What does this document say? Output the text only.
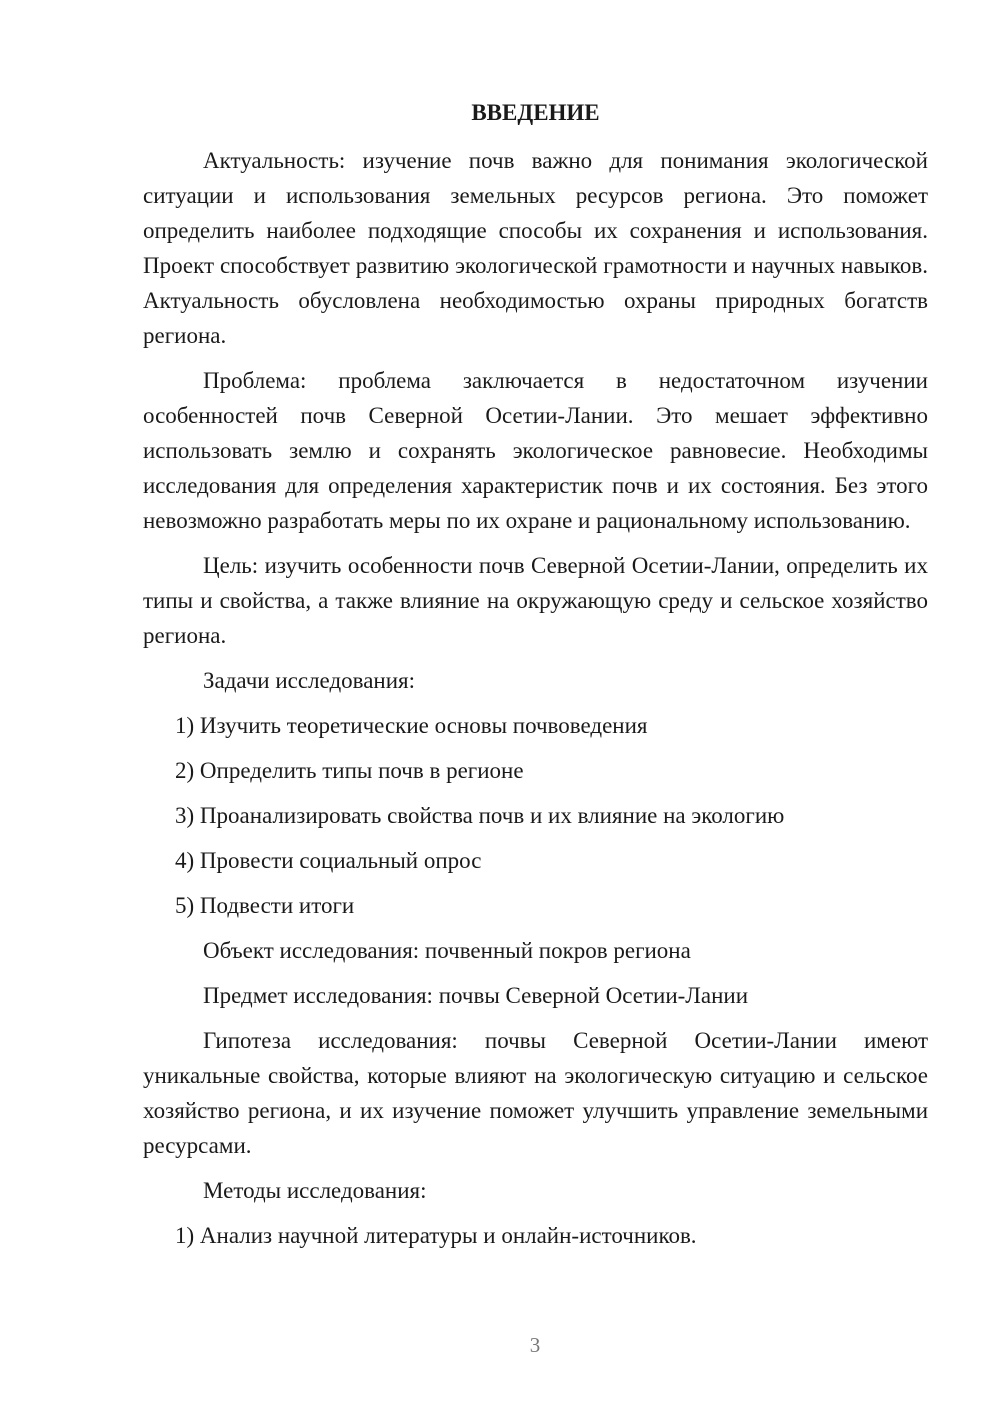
ВВЕДЕНИЕ

Актуальность: изучение почв важно для понимания экологической ситуации и использования земельных ресурсов региона. Это поможет определить наиболее подходящие способы их сохранения и использования. Проект способствует развитию экологической грамотности и научных навыков. Актуальность обусловлена необходимостью охраны природных богатств региона.

Проблема: проблема заключается в недостаточном изучении особенностей почв Северной Осетии-Лании. Это мешает эффективно использовать землю и сохранять экологическое равновесие. Необходимы исследования для определения характеристик почв и их состояния. Без этого невозможно разработать меры по их охране и рациональному использованию.

Цель: изучить особенности почв Северной Осетии-Лании, определить их типы и свойства, а также влияние на окружающую среду и сельское хозяйство региона.

Задачи исследования:

1) Изучить теоретические основы почвоведения
2) Определить типы почв в регионе
3) Проанализировать свойства почв и их влияние на экологию
4) Провести социальный опрос
5) Подвести итоги

Объект исследования: почвенный покров региона

Предмет исследования: почвы Северной Осетии-Лании

Гипотеза исследования: почвы Северной Осетии-Лании имеют уникальные свойства, которые влияют на экологическую ситуацию и сельское хозяйство региона, и их изучение поможет улучшить управление земельными ресурсами.

Методы исследования:

1) Анализ научной литературы и онлайн-источников.
3
